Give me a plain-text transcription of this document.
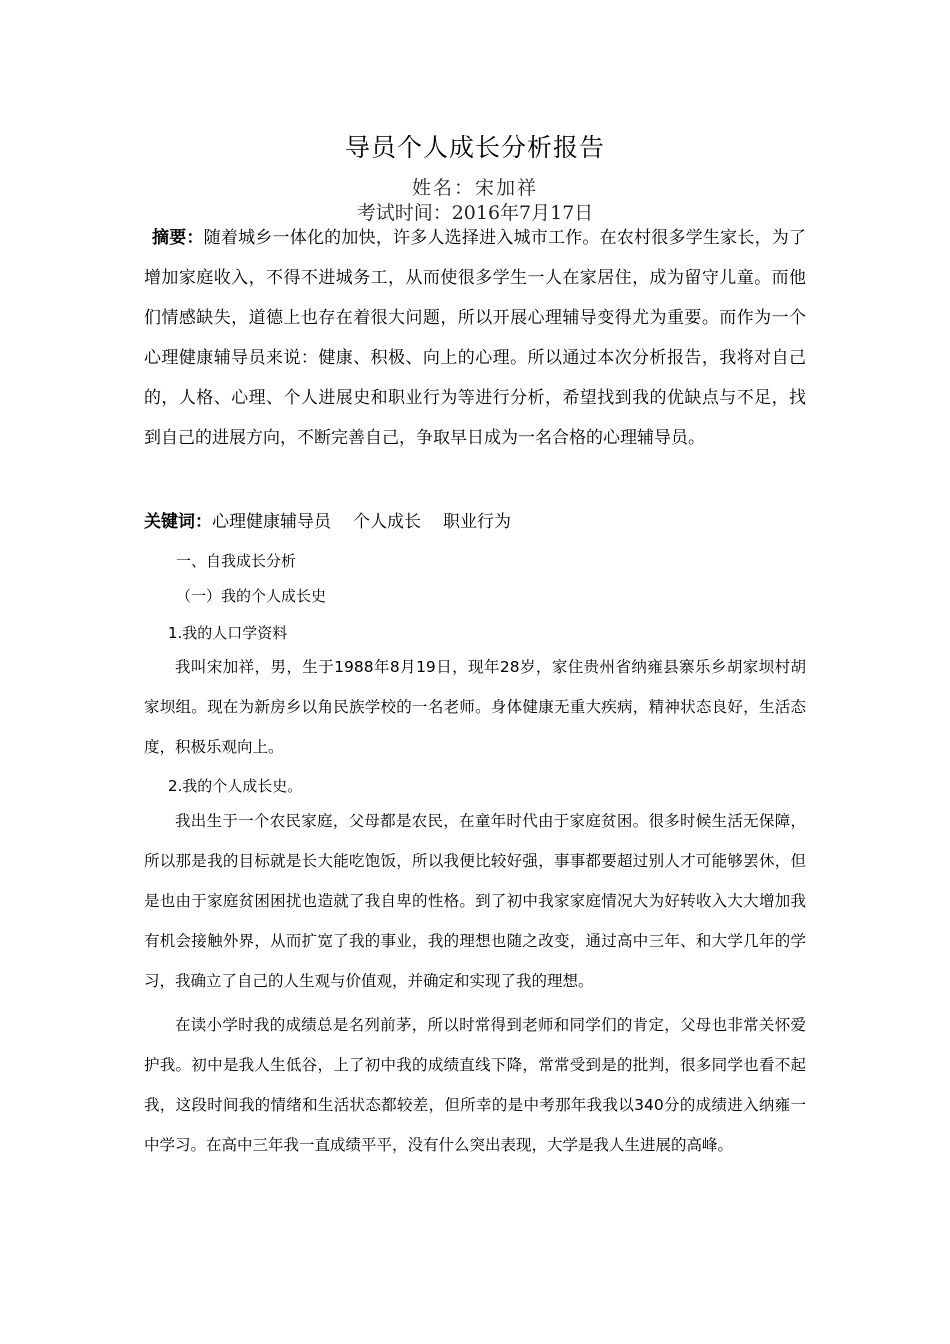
导员个人成长分析报告
姓名：宋加祥
考试时间：2016年7月17日
摘要：随着城乡一体化的加快，许多人选择进入城市工作。在农村很多学生家长，为了增加家庭收入，不得不进城务工，从而使很多学生一人在家居住，成为留守儿童。而他们情感缺失，道德上也存在着很大问题，所以开展心理辅导变得尤为重要。而作为一个心理健康辅导员来说：健康、积极、向上的心理。所以通过本次分析报告，我将对自己的，人格、心理、个人进展史和职业行为等进行分析，希望找到我的优缺点与不足，找到自己的进展方向，不断完善自己，争取早日成为一名合格的心理辅导员。
关键词：心理健康辅导员 个人成长 职业行为
一、自我成长分析
（一）我的个人成长史
1.我的人口学资料
我叫宋加祥，男，生于1988年8月19日，现年28岁，家住贵州省纳雍县寨乐乡胡家坝村胡家坝组。现在为新房乡以角民族学校的一名老师。身体健康无重大疾病，精神状态良好，生活态度，积极乐观向上。
2.我的个人成长史。
我出生于一个农民家庭，父母都是农民，在童年时代由于家庭贫困。很多时候生活无保障，所以那是我的目标就是长大能吃饱饭，所以我便比较好强，事事都要超过别人才可能够罢休，但是也由于家庭贫困困扰也造就了我自卑的性格。到了初中我家家庭情况大为好转收入大大增加我有机会接触外界，从而扩宽了我的事业，我的理想也随之改变，通过高中三年、和大学几年的学习，我确立了自己的人生观与价值观，并确定和实现了我的理想。
在读小学时我的成绩总是名列前茅，所以时常得到老师和同学们的肯定，父母也非常关怀爱护我。初中是我人生低谷，上了初中我的成绩直线下降，常常受到是的批判，很多同学也看不起我，这段时间我的情绪和生活状态都较差，但所幸的是中考那年我我以340分的成绩进入纳雍一中学习。在高中三年我一直成绩平平，没有什么突出表现，大学是我人生进展的高峰。
